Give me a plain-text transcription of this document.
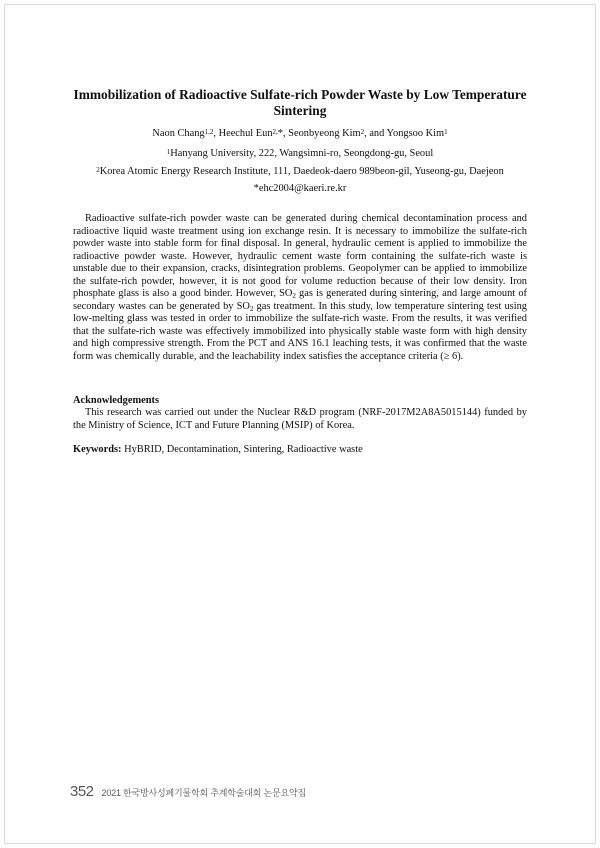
Immobilization of Radioactive Sulfate-rich Powder Waste by Low Temperature Sintering
Naon Chang$^{1,2}$, Heechul Eun$^{2,}$*, Seonbyeong Kim$^2$, and Yongsoo Kim$^1$
$^1$Hanyang University, 222, Wangsimni-ro, Seongdong-gu, Seoul
$^2$Korea Atomic Energy Research Institute, 111, Daedeok-daero 989beon-gil, Yuseong-gu, Daejeon
*ehc2004@kaeri.re.kr

Radioactive sulfate-rich powder waste can be generated during chemical decontamination process and radioactive liquid waste treatment using ion exchange resin. It is necessary to immobilize the sulfate-rich powder waste into stable form for final disposal. In general, hydraulic cement is applied to immobilize the radioactive powder waste. However, hydraulic cement waste form containing the sulfate-rich waste is unstable due to their expansion, cracks, disintegration problems. Geopolymer can be applied to immobilize the sulfate-rich powder, however, it is not good for volume reduction because of their low density. Iron phosphate glass is also a good binder. However, $SO_2$ gas is generated during sintering, and large amount of secondary wastes can be generated by $SO_2$ gas treatment. In this study, low temperature sintering test using low-melting glass was tested in order to immobilize the sulfate-rich waste. From the results, it was verified that the sulfate-rich waste was effectively immobilized into physically stable waste form with high density and high compressive strength. From the PCT and ANS 16.1 leaching tests, it was confirmed that the waste form was chemically durable, and the leachability index satisfies the acceptance criteria (≥ 6).

Acknowledgements

This research was carried out under the Nuclear R&D program (NRF-2017M2A8A5015144) funded by the Ministry of Science, ICT and Future Planning (MSIP) of Korea.

Keywords: HyBRID, Decontamination, Sintering, Radioactive waste

352 2021 한국방사성폐기물학회 추계학술대회 논문요약집
